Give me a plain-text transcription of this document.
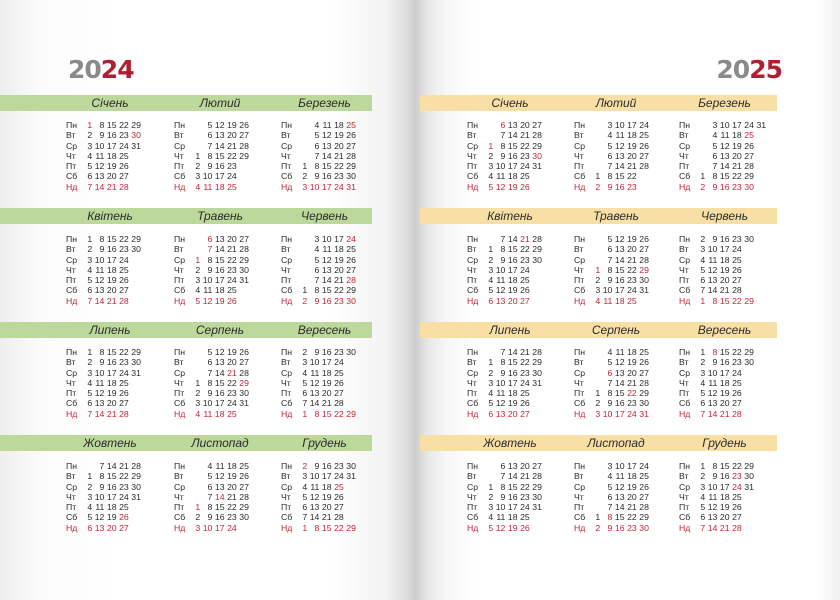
2024
Січень
Пн	1 8 15 22 29
Вт	2 9 16 23 30
Ср	3 10 17 24 31
Чт	4 11 18 25
Пт	5 12 19 26
Сб	6 13 20 27
Нд	7 14 21 28
Лютий
Пн	5 12 19 26
Вт	6 13 20 27
Ср	7 14 21 28
Чт	1 8 15 22 29
Пт	2 9 16 23
Сб	3 10 17 24
Нд	4 11 18 25
Березень
Пн	4 11 18 25
Вт	5 12 19 26
Ср	6 13 20 27
Чт	7 14 21 28
Пт	1 8 15 22 29
Сб	2 9 16 23 30
Нд	3 10 17 24 31
Квітень
Пн	1 8 15 22 29
Вт	2 9 16 23 30
Ср	3 10 17 24
Чт	4 11 18 25
Пт	5 12 19 26
Сб	6 13 20 27
Нд	7 14 21 28
Травень
Пн	6 13 20 27
Вт	7 14 21 28
Ср	1 8 15 22 29
Чт	2 9 16 23 30
Пт	3 10 17 24 31
Сб	4 11 18 25
Нд	5 12 19 26
Червень
Пн	3 10 17 24
Вт	4 11 18 25
Ср	5 12 19 26
Чт	6 13 20 27
Пт	7 14 21 28
Сб	1 8 15 22 29
Нд	2 9 16 23 30
Липень
Пн	1 8 15 22 29
Вт	2 9 16 23 30
Ср	3 10 17 24 31
Чт	4 11 18 25
Пт	5 12 19 26
Сб	6 13 20 27
Нд	7 14 21 28
Серпень
Пн	5 12 19 26
Вт	6 13 20 27
Ср	7 14 21 28
Чт	1 8 15 22 29
Пт	2 9 16 23 30
Сб	3 10 17 24 31
Нд	4 11 18 25
Вересень
Пн	2 9 16 23 30
Вт	3 10 17 24
Ср	4 11 18 25
Чт	5 12 19 26
Пт	6 13 20 27
Сб	7 14 21 28
Нд	1 8 15 22 29
Жовтень
Пн	7 14 21 28
Вт	1 8 15 22 29
Ср	2 9 16 23 30
Чт	3 10 17 24 31
Пт	4 11 18 25
Сб	5 12 19 26
Нд	6 13 20 27
Листопад
Пн	4 11 18 25
Вт	5 12 19 26
Ср	6 13 20 27
Чт	7 14 21 28
Пт	1 8 15 22 29
Сб	2 9 16 23 30
Нд	3 10 17 24
Грудень
Пн	2 9 16 23 30
Вт	3 10 17 24 31
Ср	4 11 18 25
Чт	5 12 19 26
Пт	6 13 20 27
Сб	7 14 21 28
Нд	1 8 15 22 29
2025
Січень
Пн	6 13 20 27
Вт	7 14 21 28
Ср	1 8 15 22 29
Чт	2 9 16 23 30
Пт	3 10 17 24 31
Сб	4 11 18 25
Нд	5 12 19 26
Лютий
Пн	3 10 17 24
Вт	4 11 18 25
Ср	5 12 19 26
Чт	6 13 20 27
Пт	7 14 21 28
Сб	1 8 15 22
Нд	2 9 16 23
Березень
Пн	3 10 17 24 31
Вт	4 11 18 25
Ср	5 12 19 26
Чт	6 13 20 27
Пт	7 14 21 28
Сб	1 8 15 22 29
Нд	2 9 16 23 30
Квітень
Пн	7 14 21 28
Вт	1 8 15 22 29
Ср	2 9 16 23 30
Чт	3 10 17 24
Пт	4 11 18 25
Сб	5 12 19 26
Нд	6 13 20 27
Травень
Пн	5 12 19 26
Вт	6 13 20 27
Ср	7 14 21 28
Чт	1 8 15 22 29
Пт	2 9 16 23 30
Сб	3 10 17 24 31
Нд	4 11 18 25
Червень
Пн	2 9 16 23 30
Вт	3 10 17 24
Ср	4 11 18 25
Чт	5 12 19 26
Пт	6 13 20 27
Сб	7 14 21 28
Нд	1 8 15 22 29
Липень
Пн	7 14 21 28
Вт	1 8 15 22 29
Ср	2 9 16 23 30
Чт	3 10 17 24 31
Пт	4 11 18 25
Сб	5 12 19 26
Нд	6 13 20 27
Серпень
Пн	4 11 18 25
Вт	5 12 19 26
Ср	6 13 20 27
Чт	7 14 21 28
Пт	1 8 15 22 29
Сб	2 9 16 23 30
Нд	3 10 17 24 31
Вересень
Пн	1 8 15 22 29
Вт	2 9 16 23 30
Ср	3 10 17 24
Чт	4 11 18 25
Пт	5 12 19 26
Сб	6 13 20 27
Нд	7 14 21 28
Жовтень
Пн	6 13 20 27
Вт	7 14 21 28
Ср	1 8 15 22 29
Чт	2 9 16 23 30
Пт	3 10 17 24 31
Сб	4 11 18 25
Нд	5 12 19 26
Листопад
Пн	3 10 17 24
Вт	4 11 18 25
Ср	5 12 19 26
Чт	6 13 20 27
Пт	7 14 21 28
Сб	1 8 15 22 29
Нд	2 9 16 23 30
Грудень
Пн	1 8 15 22 29
Вт	2 9 16 23 30
Ср	3 10 17 24 31
Чт	4 11 18 25
Пт	5 12 19 26
Сб	6 13 20 27
Нд	7 14 21 28
